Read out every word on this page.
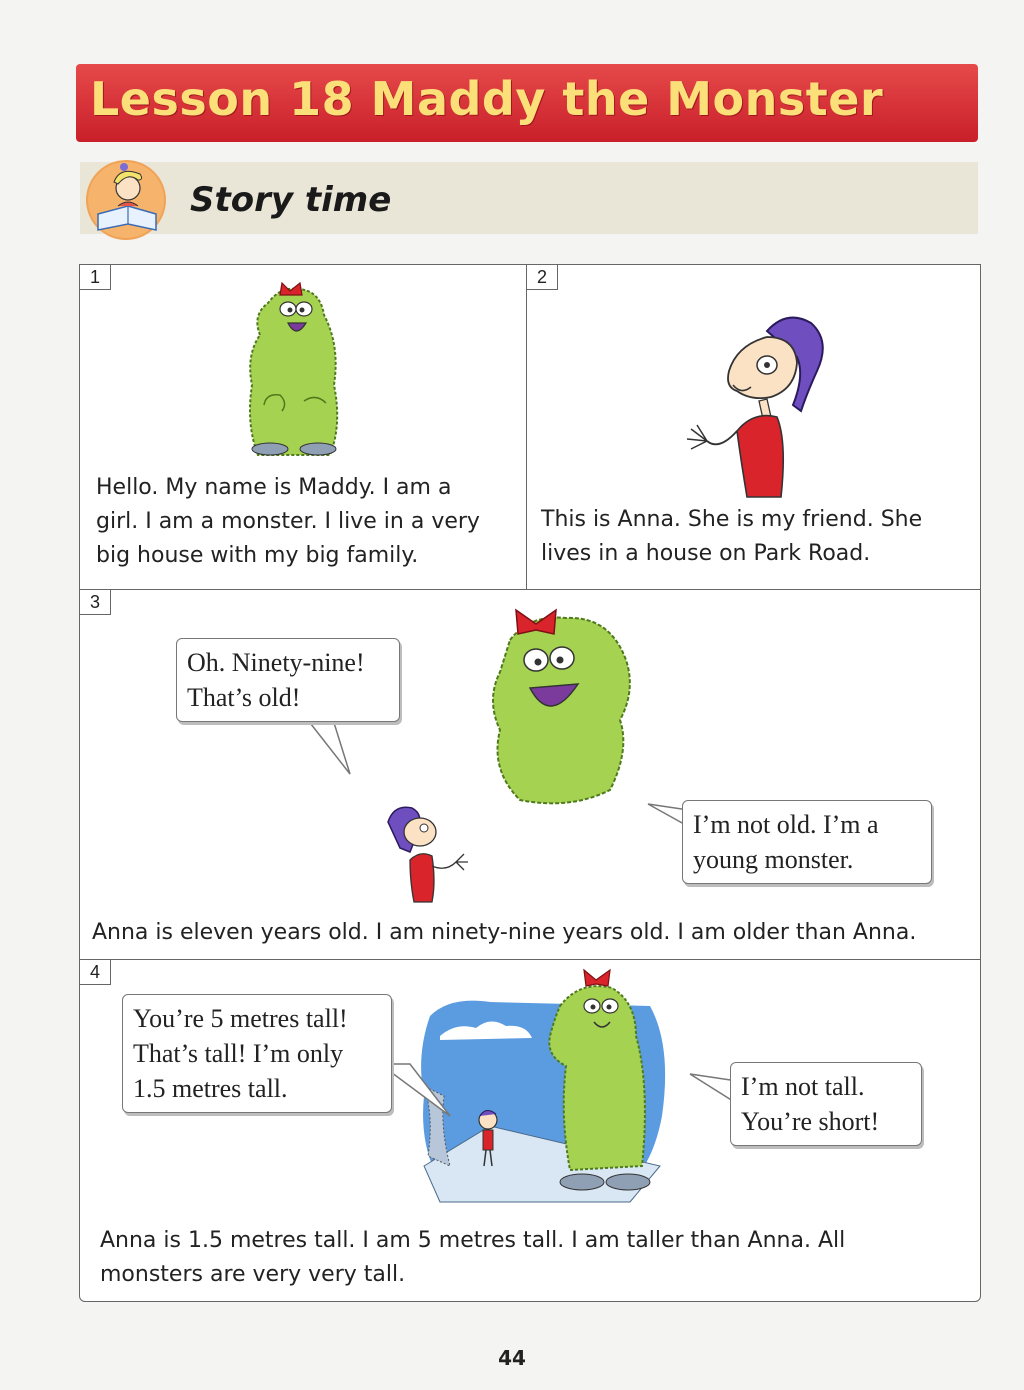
Lesson 18 Maddy the Monster
Story time
1
Hello. My name is Maddy. I am a
girl. I am a monster. I live in a very
big house with my big family.
2
This is Anna. She is my friend. She
lives in a house on Park Road.
3
Oh. Ninety-nine!
That’s old!
I’m not old. I’m a
young monster.
Anna is eleven years old. I am ninety-nine years old. I am older than Anna.
4
You’re 5 metres tall!
That’s tall! I’m only
1.5 metres tall.	I’m not tall.
You’re short!
Anna is 1.5 metres tall. I am 5 metres tall. I am taller than Anna. All
monsters are very very tall.
44
